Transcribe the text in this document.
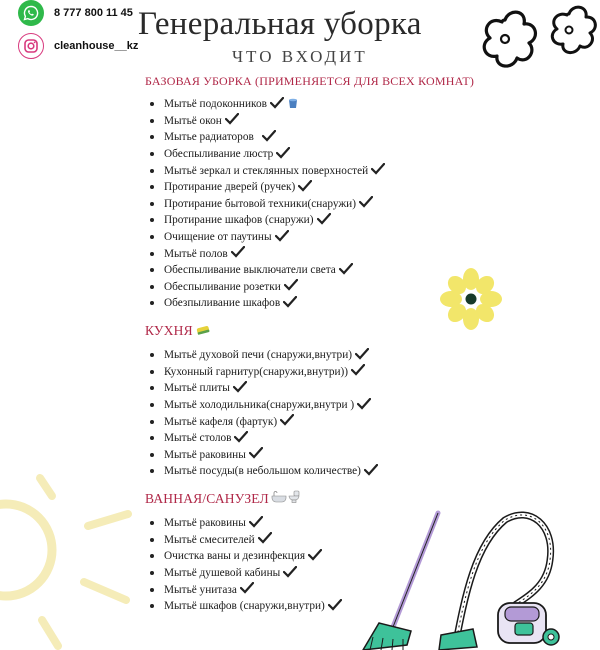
8 777 800 11 45
cleanhouse__kz
Генеральная уборка
ЧТО ВХОДИТ
БАЗОВАЯ УБОРКА (ПРИМЕНЯЕТСЯ ДЛЯ ВСЕХ КОМНАТ)
Мытьё подоконников
Мытьё окон
Мытье радиаторов
Обеспыливание люстр
Мытьё зеркал и стеклянных поверхностей
Протирание дверей (ручек)
Протирание бытовой техники(снаружи)
Протирание шкафов (снаружи)
Очищение от паутины
Мытьё полов
Обеспыливание выключатели света
Обеспыливание розетки
Обезпыливание шкафов
КУХНЯ
Мытьё духовой печи (снаружи,внутри)
Кухонный гарнитур(снаружи,внутри))
Мытьё плиты
Мытьё холодильника(снаружи,внутри )
Мытьё кафеля (фартук)
Мытьё столов
Мытьё раковины
Мытьё посуды(в небольшом количестве)
ВАННАЯ/САНУЗЕЛ
Мытьё раковины
Мытьё смесителей
Очистка ваны и дезинфекция
Мытьё душевой кабины
Мытьё унитаза
Мытьё шкафов (снаружи,внутри)
